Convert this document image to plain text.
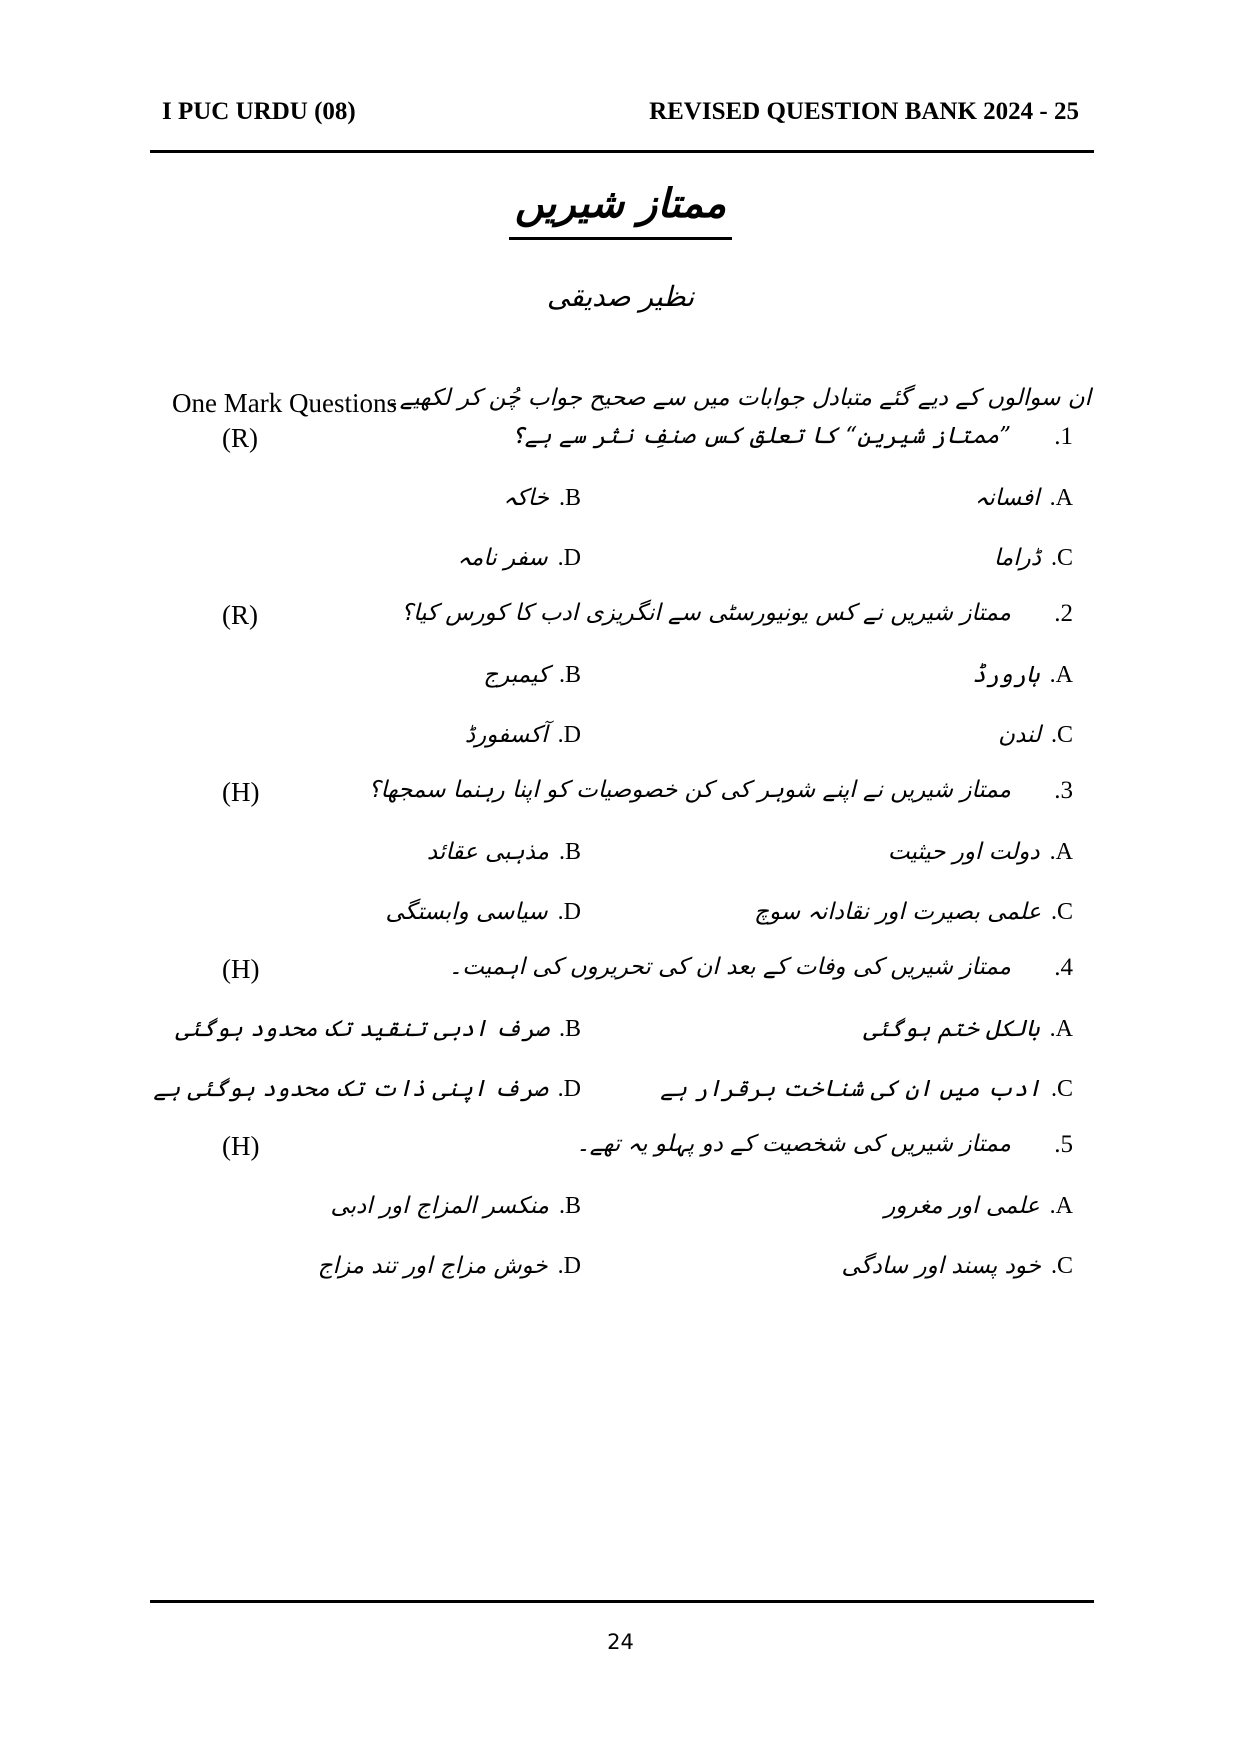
I PUC URDU (08)	REVISED QUESTION BANK 2024 - 25
ممتاز شیریں
نظیر صدیقی
One Mark Questions
ان سوالوں کے دیے گئے متبادل جوابات میں سے صحیح جواب چُن کر لکھیے۔
(R)	.1
”ممتاز شیرین“ کا تعلق کس صنفِ نثر سے ہے؟
A.افسانہ
B.خاکہ
C.ڈراما
D.سفر نامہ
(R)	.2
ممتاز شیریں نے کس یونیورسٹی سے انگریزی ادب کا کورس کیا؟
A.ہارورڈ
B.کیمبرج
C.لندن
D.آکسفورڈ
(H)	.3
ممتاز شیریں نے اپنے شوہر کی کن خصوصیات کو اپنا رہنما سمجھا؟
A.دولت اور حیثیت
B.مذہبی عقائد
C.علمی بصیرت اور نقادانہ سوچ
D.سیاسی وابستگی
(H)	.4
ممتاز شیریں کی وفات کے بعد ان کی تحریروں کی اہمیت۔
A.بالکل ختم ہوگئی
B.صرف ادبی تنقید تک محدود ہوگئی
C.ادب میں ان کی شناخت برقرار ہے
D.صرف اپنی ذات تک محدود ہوگئی ہے
(H)	.5
ممتاز شیریں کی شخصیت کے دو پہلو یہ تھے۔
A.علمی اور مغرور
B.منکسر المزاج اور ادبی
C.خود پسند اور سادگی
D.خوش مزاج اور تند مزاج
24
